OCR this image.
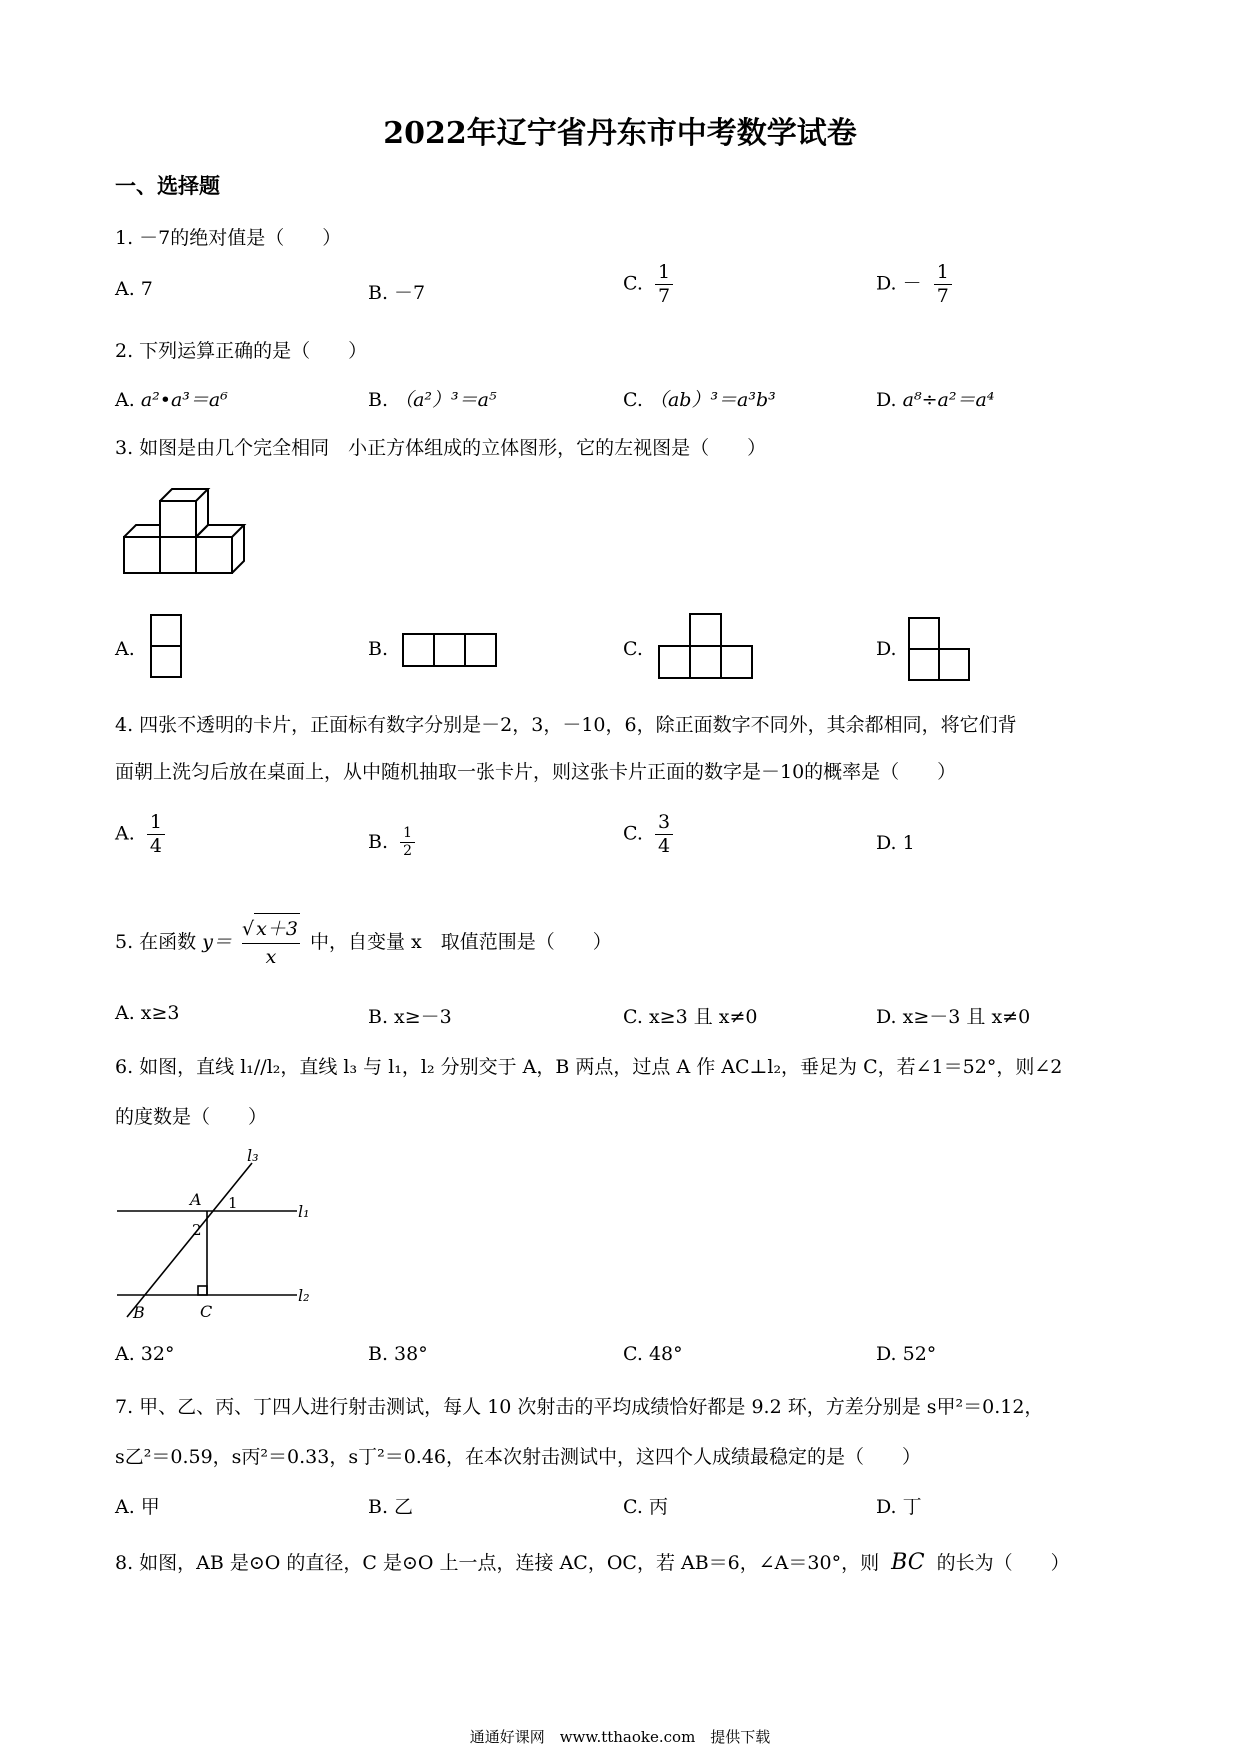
2022年辽宁省丹东市中考数学试卷
一、选择题
1. －7的绝对值是（　　）
A. 7	B. －7	C. $\frac{1}{7}$	D. － $\frac{1}{7}$
2. 下列运算正确的是（　　）
A. a²•a³＝a⁶	B. （a²）³＝a⁵	C. （ab）³＝a³b³	D. a⁸÷a²＝a⁴
3. 如图是由几个完全相同　小正方体组成的立体图形，它的左视图是（　　）
A.	B.	C.	D.
4. 四张不透明的卡片，正面标有数字分别是－2，3，－10，6，除正面数字不同外，其余都相同，将它们背
面朝上洗匀后放在桌面上，从中随机抽取一张卡片，则这张卡片正面的数字是－10的概率是（　　）
A. $\frac{1}{4}$	B. $\frac{1}{2}$	C. $\frac{3}{4}$	D. 1
5. 在函数 $y= \frac{√ x+3}{x}$ 中，自变量 x　取值范围是（　　）
A. x≥3	B. x≥－3	C. x≥3 且 x≠0	D. x≥－3 且 x≠0
6. 如图，直线 l₁//l₂，直线 l₃ 与 l₁，l₂ 分别交于 A，B 两点，过点 A 作 AC⊥l₂，垂足为 C，若∠1＝52°，则∠2
的度数是（　　）
l₃
l₁
l₂
A
B	C
1
2
A. 32°	B. 38°	C. 48°	D. 52°
7. 甲、乙、丙、丁四人进行射击测试，每人 10 次射击的平均成绩恰好都是 9.2 环，方差分别是 s甲²＝0.12，
s乙²＝0.59，s丙²＝0.33，s丁²＝0.46，在本次射击测试中，这四个人成绩最稳定的是（　　）
A. 甲	B. 乙	C. 丙	D. 丁
8. 如图，AB 是⊙O 的直径，C 是⊙O 上一点，连接 AC，OC，若 AB＝6，∠A＝30°，则 BC 的长为（　　）
通通好课网　www.tthaoke.com　提供下载
